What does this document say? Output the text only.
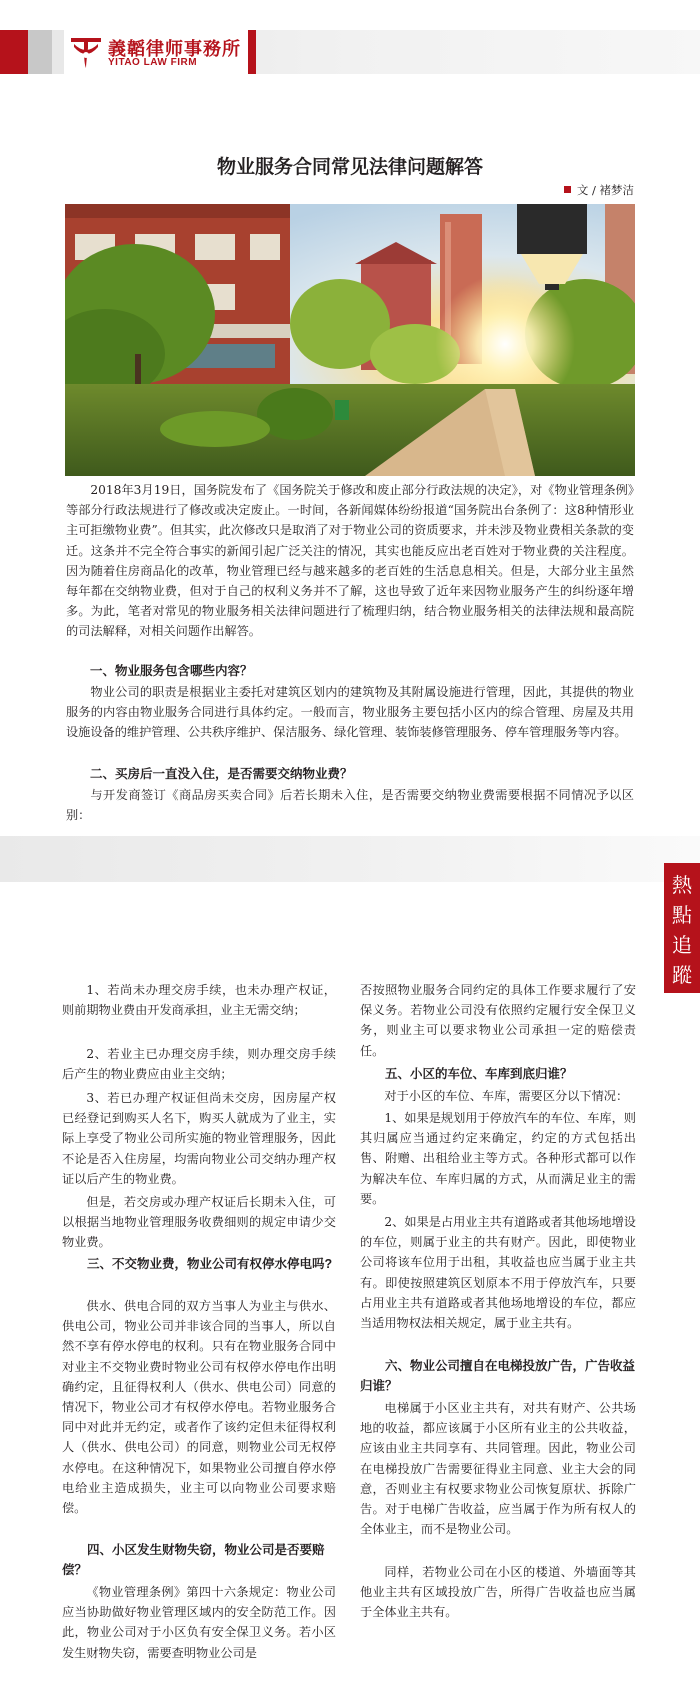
義韜律师事務所
YITAO LAW FIRM
物业服务合同常见法律问题解答
文 / 褚梦洁

2018年3月19日，国务院发布了《国务院关于修改和废止部分行政法规的决定》，对《物业管理条例》等部分行政法规进行了修改或决定废止。一时间，各新闻媒体纷纷报道“国务院出台条例了：这8种情形业主可拒缴物业费”。但其实，此次修改只是取消了对于物业公司的资质要求，并未涉及物业费相关条款的变迁。这条并不完全符合事实的新闻引起广泛关注的情况，其实也能反应出老百姓对于物业费的关注程度。因为随着住房商品化的改革，物业管理已经与越来越多的老百姓的生活息息相关。但是，大部分业主虽然每年都在交纳物业费，但对于自己的权利义务并不了解，这也导致了近年来因物业服务产生的纠纷逐年增多。为此，笔者对常见的物业服务相关法律问题进行了梳理归纳，结合物业服务相关的法律法规和最高院的司法解释，对相关问题作出解答。

一、物业服务包含哪些内容？

物业公司的职责是根据业主委托对建筑区划内的建筑物及其附属设施进行管理，因此，其提供的物业服务的内容由物业服务合同进行具体约定。一般而言，物业服务主要包括小区内的综合管理、房屋及共用设施设备的维护管理、公共秩序维护、保洁服务、绿化管理、装饰装修管理服务、停车管理服务等内容。

二、买房后一直没入住，是否需要交纳物业费？

与开发商签订《商品房买卖合同》后若长期未入住，是否需要交纳物业费需要根据不同情况予以区别：

熱
點
追
蹤

1、若尚未办理交房手续，也未办理产权证，则前期物业费由开发商承担，业主无需交纳；

2、若业主已办理交房手续，则办理交房手续后产生的物业费应由业主交纳；

3、若已办理产权证但尚未交房，因房屋产权已经登记到购买人名下，购买人就成为了业主，实际上享受了物业公司所实施的物业管理服务，因此不论是否入住房屋，均需向物业公司交纳办理产权证以后产生的物业费。

但是，若交房或办理产权证后长期未入住，可以根据当地物业管理服务收费细则的规定申请少交物业费。

三、不交物业费，物业公司有权停水停电吗?

供水、供电合同的双方当事人为业主与供水、供电公司，物业公司并非该合同的当事人，所以自然不享有停水停电的权利。只有在物业服务合同中对业主不交物业费时物业公司有权停水停电作出明确约定，且征得权利人（供水、供电公司）同意的情况下，物业公司才有权停水停电。若物业服务合同中对此并无约定，或者作了该约定但未征得权利人（供水、供电公司）的同意，则物业公司无权停水停电。在这种情况下，如果物业公司擅自停水停电给业主造成损失，业主可以向物业公司要求赔偿。

四、小区发生财物失窃，物业公司是否要赔偿？

《物业管理条例》第四十六条规定：物业公司应当协助做好物业管理区域内的安全防范工作。因此，物业公司对于小区负有安全保卫义务。若小区发生财物失窃，需要查明物业公司是

否按照物业服务合同约定的具体工作要求履行了安保义务。若物业公司没有依照约定履行安全保卫义务，则业主可以要求物业公司承担一定的赔偿责任。

五、小区的车位、车库到底归谁？

对于小区的车位、车库，需要区分以下情况：

1、如果是规划用于停放汽车的车位、车库，则其归属应当通过约定来确定，约定的方式包括出售、附赠、出租给业主等方式。各种形式都可以作为解决车位、车库归属的方式，从而满足业主的需要。

2、如果是占用业主共有道路或者其他场地增设的车位，则属于业主的共有财产。因此，即使物业公司将该车位用于出租，其收益也应当属于业主共有。即使按照建筑区划原本不用于停放汽车，只要占用业主共有道路或者其他场地增设的车位，都应当适用物权法相关规定，属于业主共有。

六、物业公司擅自在电梯投放广告，广告收益归谁？

电梯属于小区业主共有，对共有财产、公共场地的收益，都应该属于小区所有业主的公共收益，应该由业主共同享有、共同管理。因此，物业公司在电梯投放广告需要征得业主同意、业主大会的同意，否则业主有权要求物业公司恢复原状、拆除广告。对于电梯广告收益，应当属于作为所有权人的全体业主，而不是物业公司。

同样，若物业公司在小区的楼道、外墙面等其他业主共有区域投放广告，所得广告收益也应当属于全体业主共有。
